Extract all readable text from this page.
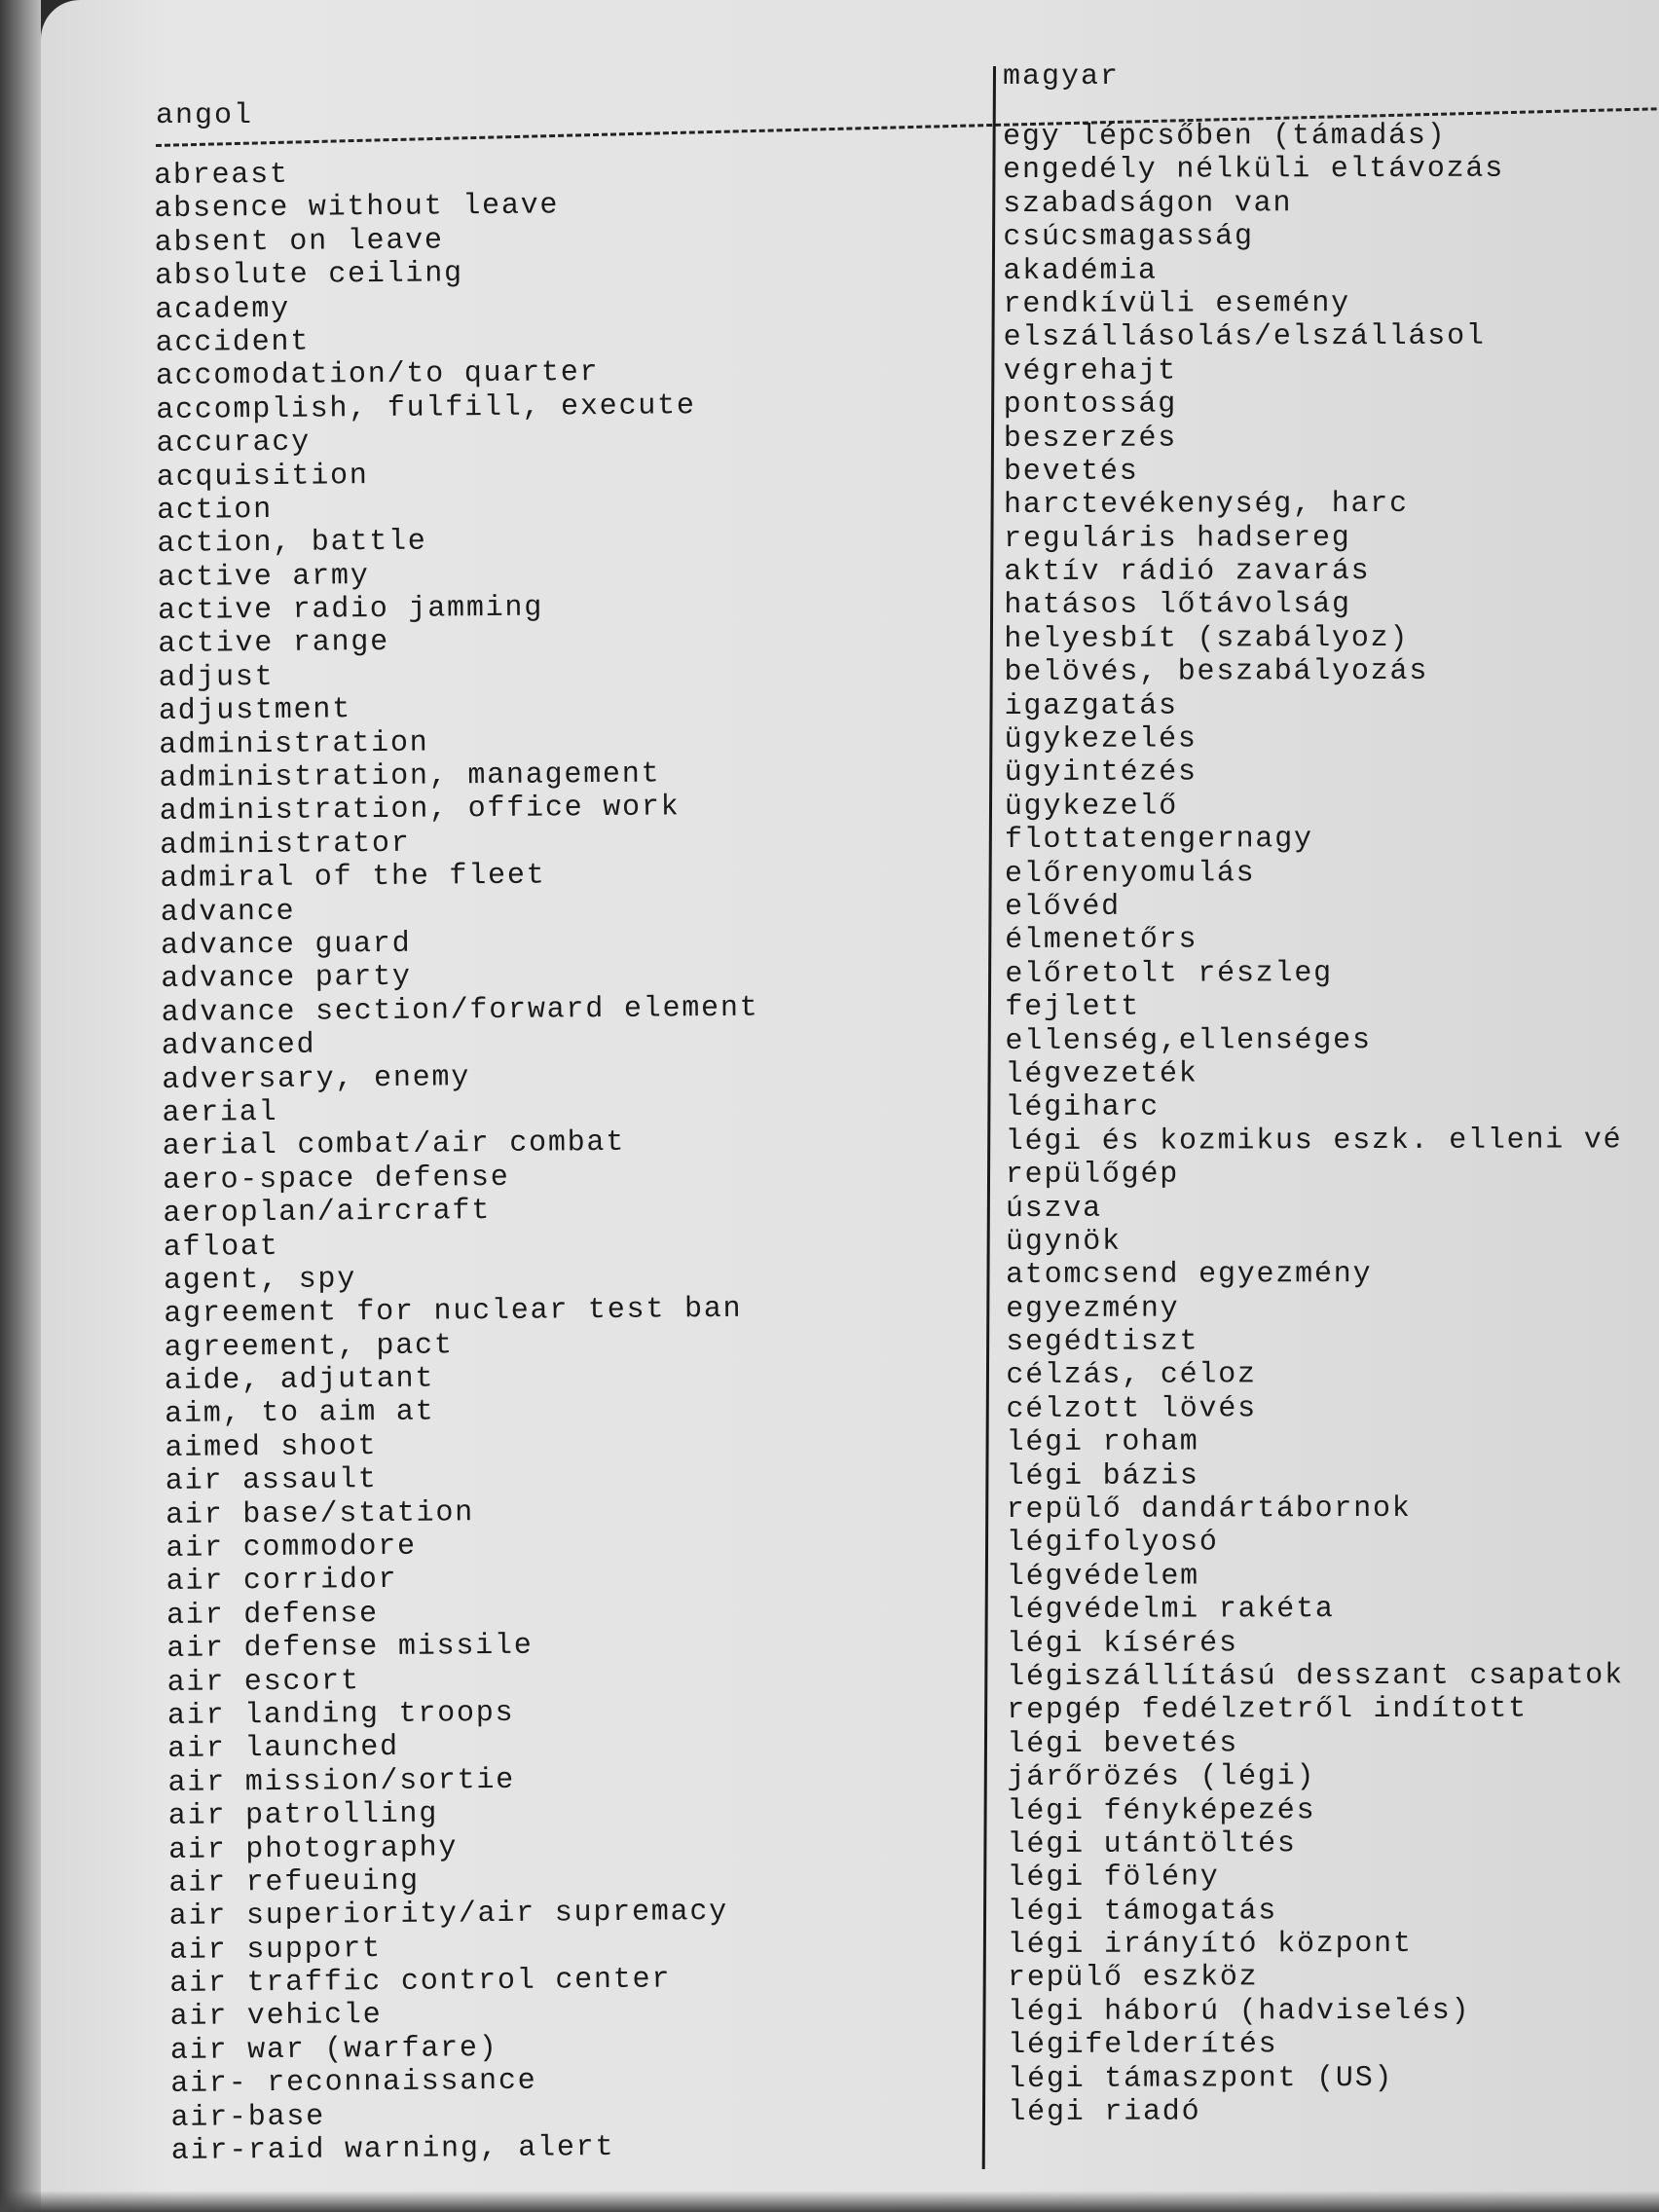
angol
magyar
abreast
absence without leave
absent on leave
absolute ceiling
academy
accident
accomodation/to quarter
accomplish, fulfill, execute
accuracy
acquisition
action
action, battle
active army
active radio jamming
active range
adjust
adjustment
administration
administration, management
administration, office work
administrator
admiral of the fleet
advance
advance guard
advance party
advance section/forward element
advanced
adversary, enemy
aerial
aerial combat/air combat
aero-space defense
aeroplan/aircraft
afloat
agent, spy
agreement for nuclear test ban
agreement, pact
aide, adjutant
aim, to aim at
aimed shoot
air assault
air base/station
air commodore
air corridor
air defense
air defense missile
air escort
air landing troops
air launched
air mission/sortie
air patrolling
air photography
air refueuing
air superiority/air supremacy
air support
air traffic control center
air vehicle
air war (warfare)
air- reconnaissance
air-base
air-raid warning, alert
egy lépcsőben (támadás)
engedély nélküli eltávozás
szabadságon van
csúcsmagasság
akadémia
rendkívüli esemény
elszállásolás/elszállásol
végrehajt
pontosság
beszerzés
bevetés
harctevékenység, harc
reguláris hadsereg
aktív rádió zavarás
hatásos lőtávolság
helyesbít (szabályoz)
belövés, beszabályozás
igazgatás
ügykezelés
ügyintézés
ügykezelő
flottatengernagy
előrenyomulás
elővéd
élmenetőrs
előretolt részleg
fejlett
ellenség,ellenséges
légvezeték
légiharc
légi és kozmikus eszk. elleni vé
repülőgép
úszva
ügynök
atomcsend egyezmény
egyezmény
segédtiszt
célzás, céloz
célzott lövés
légi roham
légi bázis
repülő dandártábornok
légifolyosó
légvédelem
légvédelmi rakéta
légi kísérés
légiszállítású desszant csapatok
repgép fedélzetről indított
légi bevetés
járőrözés (légi)
légi fényképezés
légi utántöltés
légi fölény
légi támogatás
légi irányító központ
repülő eszköz
légi háború (hadviselés)
légifelderítés
légi támaszpont (US)
légi riadó
